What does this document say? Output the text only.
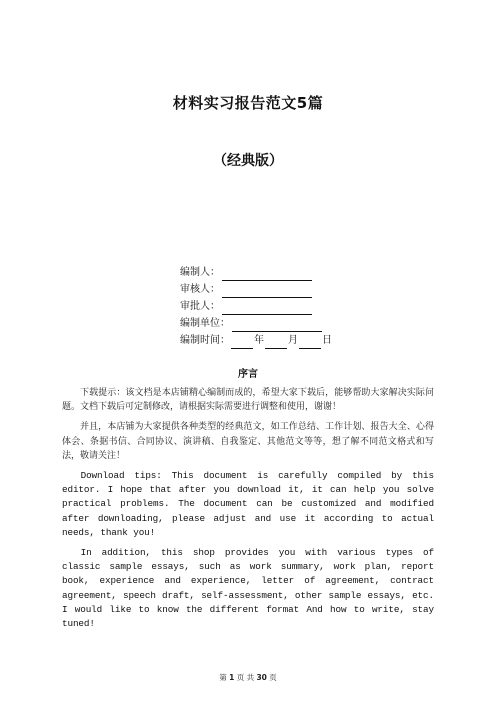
材料实习报告范文5篇
（经典版）
编制人：
审核人：
审批人：
编制单位：
编制时间： 年 月 日
序言

下载提示：该文档是本店铺精心编制而成的，希望大家下载后，能够帮助大家解决实际问题。文档下载后可定制修改，请根据实际需要进行调整和使用，谢谢！

并且，本店铺为大家提供各种类型的经典范文，如工作总结、工作计划、报告大全、心得体会、条据书信、合同协议、演讲稿、自我鉴定、其他范文等等，想了解不同范文格式和写法，敬请关注！

Download tips: This document is carefully compiled by this editor. I hope that after you download it, it can help you solve practical problems. The document can be customized and modified after downloading, please adjust and use it according to actual needs, thank you!

In addition, this shop provides you with various types of classic sample essays, such as work summary, work plan, report book, experience and experience, letter of agreement, contract agreement, speech draft, self-assessment, other sample essays, etc. I would like to know the different format And how to write, stay tuned!

第 1 页 共 30 页
